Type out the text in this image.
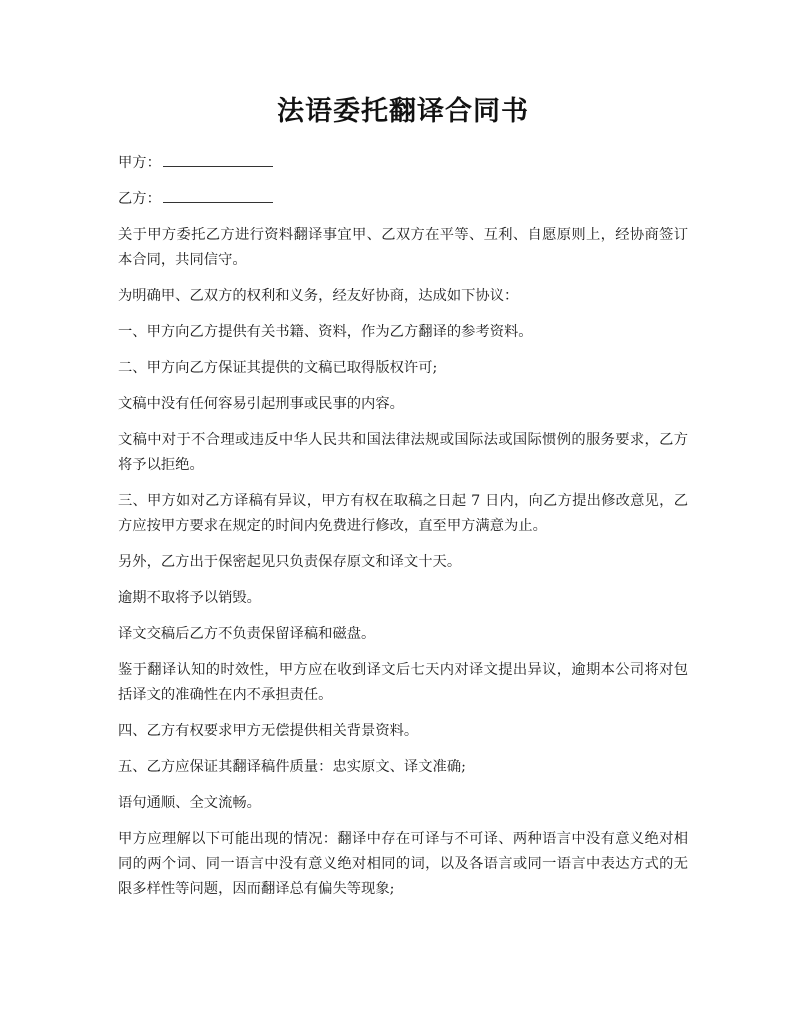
法语委托翻译合同书

甲方：

乙方：

关于甲方委托乙方进行资料翻译事宜甲、乙双方在平等、互利、自愿原则上，经协商签订本合同，共同信守。

为明确甲、乙双方的权利和义务，经友好协商，达成如下协议：

一、甲方向乙方提供有关书籍、资料，作为乙方翻译的参考资料。

二、甲方向乙方保证其提供的文稿已取得版权许可;

文稿中没有任何容易引起刑事或民事的内容。

文稿中对于不合理或违反中华人民共和国法律法规或国际法或国际惯例的服务要求，乙方将予以拒绝。

三、甲方如对乙方译稿有异议，甲方有权在取稿之日起 7 日内，向乙方提出修改意见，乙方应按甲方要求在规定的时间内免费进行修改，直至甲方满意为止。

另外，乙方出于保密起见只负责保存原文和译文十天。

逾期不取将予以销毁。

译文交稿后乙方不负责保留译稿和磁盘。

鉴于翻译认知的时效性，甲方应在收到译文后七天内对译文提出异议，逾期本公司将对包括译文的准确性在内不承担责任。

四、乙方有权要求甲方无偿提供相关背景资料。

五、乙方应保证其翻译稿件质量：忠实原文、译文准确;

语句通顺、全文流畅。

甲方应理解以下可能出现的情况：翻译中存在可译与不可译、两种语言中没有意义绝对相同的两个词、同一语言中没有意义绝对相同的词，以及各语言或同一语言中表达方式的无限多样性等问题，因而翻译总有偏失等现象;
